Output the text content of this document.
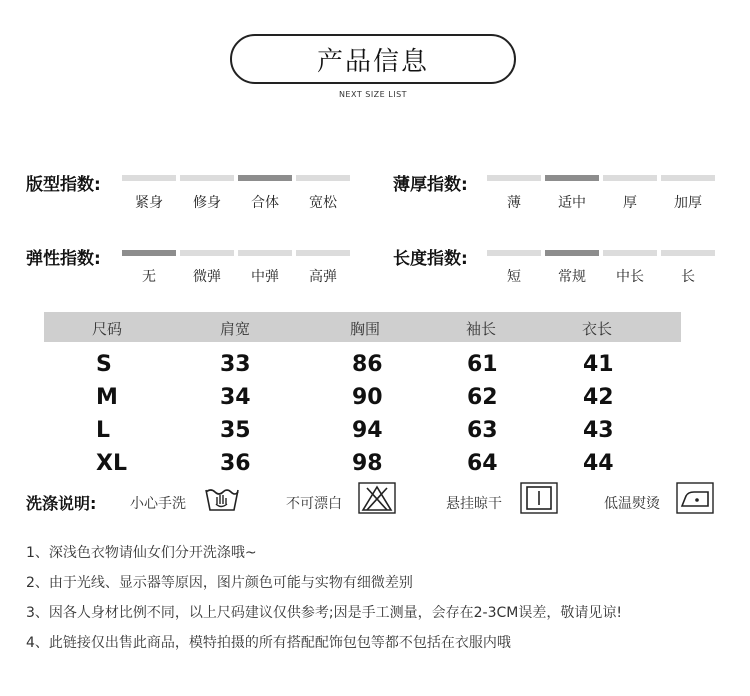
产品信息
NEXT SIZE LIST
版型指数:
紧身	修身	合体	宽松
薄厚指数:
薄	适中	厚	加厚
弹性指数:
无	微弹	中弹	高弹
长度指数:
短	常规	中长	长
尺码	肩宽	胸围	袖长	衣长
S	33	86	61	41
M	34	90	62	42
L	35	94	63	43
XL	36	98	64	44
洗涤说明: 小心手洗	不可漂白	悬挂晾干	低温熨烫
1、深浅色衣物请仙女们分开洗涤哦~
2、由于光线、显示器等原因，图片颜色可能与实物有细微差别
3、因各人身材比例不同，以上尺码建议仅供参考;因是手工测量，会存在2-3CM误差，敬请见谅!
4、此链接仅出售此商品，模特拍摄的所有搭配配饰包包等都不包括在衣服内哦
